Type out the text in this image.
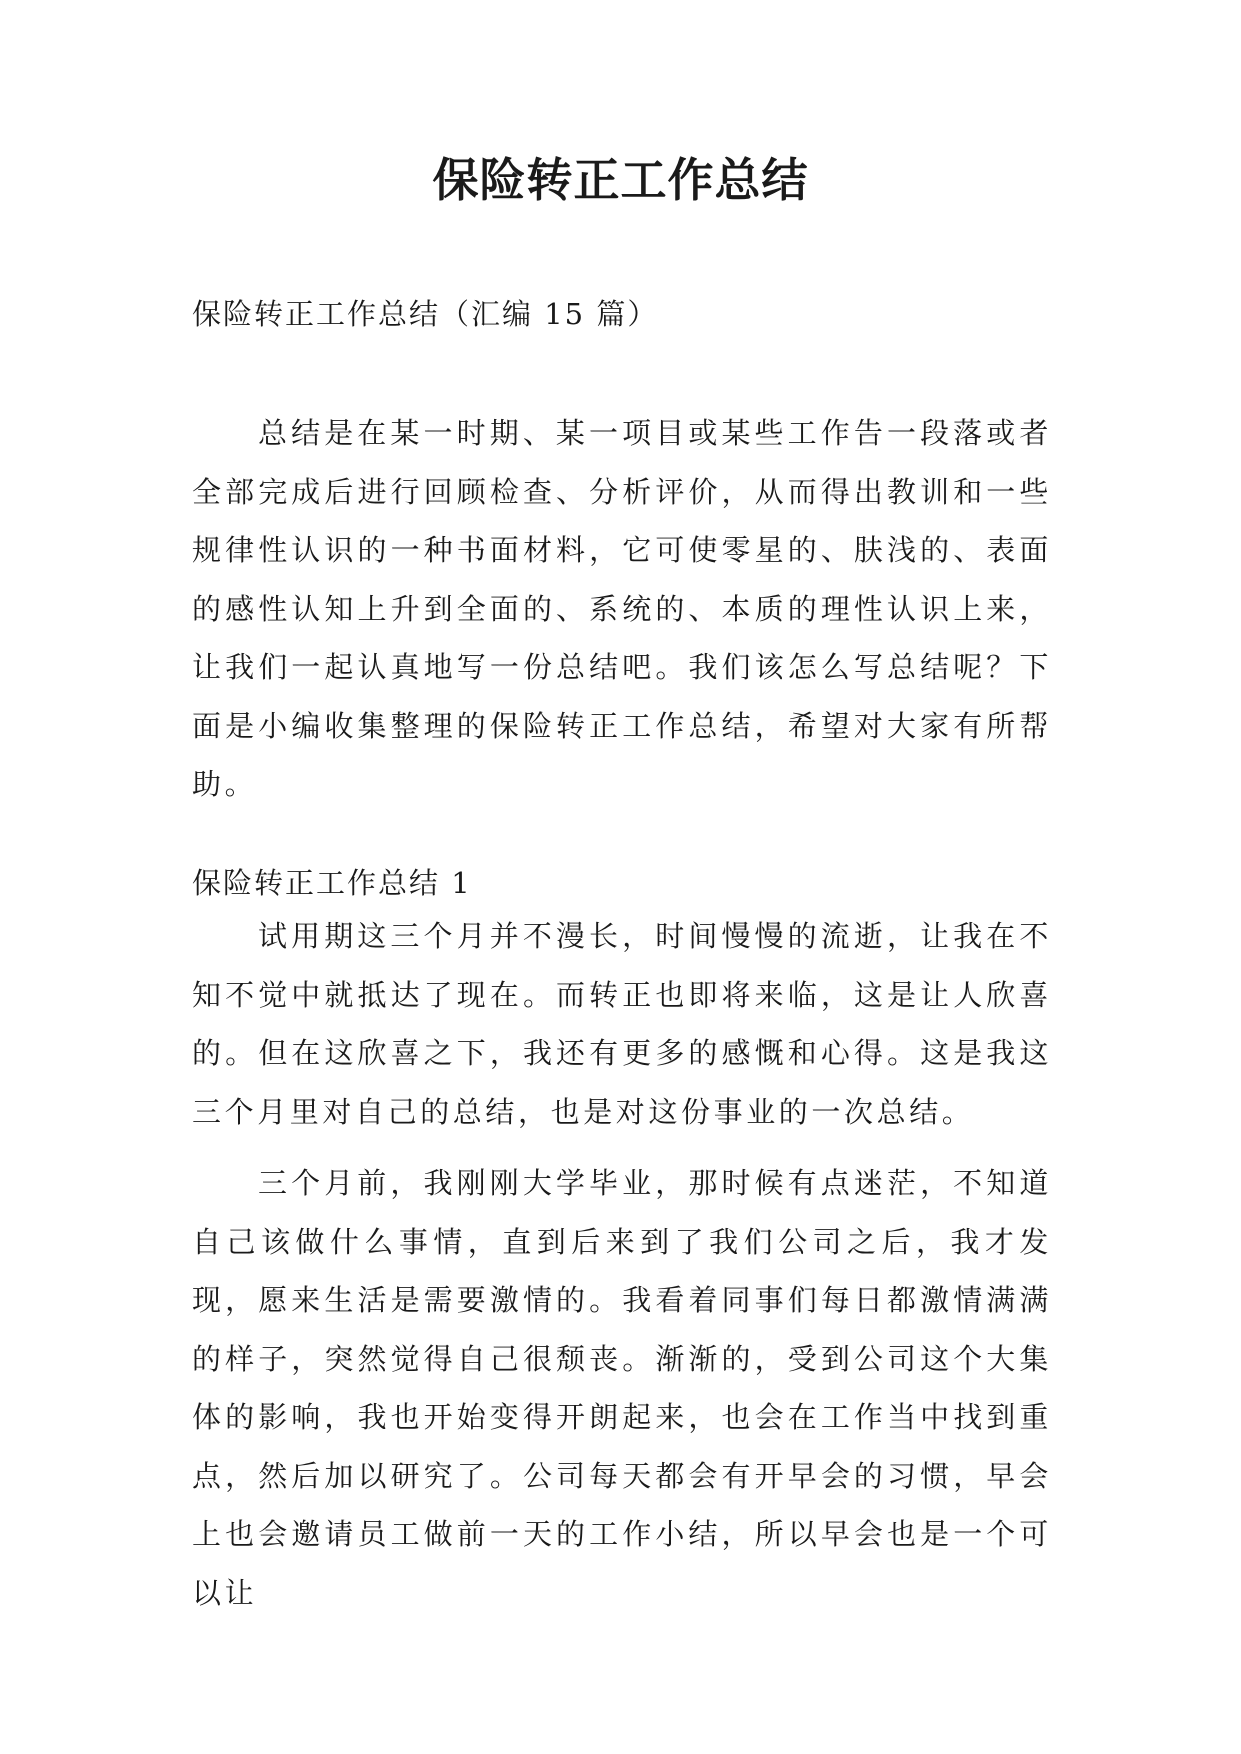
保险转正工作总结

保险转正工作总结（汇编 15 篇）

总结是在某一时期、某一项目或某些工作告一段落或者全部完成后进行回顾检查、分析评价，从而得出教训和一些规律性认识的一种书面材料，它可使零星的、肤浅的、表面的感性认知上升到全面的、系统的、本质的理性认识上来，让我们一起认真地写一份总结吧。我们该怎么写总结呢？下面是小编收集整理的保险转正工作总结，希望对大家有所帮助。

保险转正工作总结 1

试用期这三个月并不漫长，时间慢慢的流逝，让我在不知不觉中就抵达了现在。而转正也即将来临，这是让人欣喜的。但在这欣喜之下，我还有更多的感慨和心得。这是我这三个月里对自己的总结，也是对这份事业的一次总结。

三个月前，我刚刚大学毕业，那时候有点迷茫，不知道自己该做什么事情，直到后来到了我们公司之后，我才发现，愿来生活是需要激情的。我看着同事们每日都激情满满的样子，突然觉得自己很颓丧。渐渐的，受到公司这个大集体的影响，我也开始变得开朗起来，也会在工作当中找到重点，然后加以研究了。公司每天都会有开早会的习惯，早会上也会邀请员工做前一天的工作小结，所以早会也是一个可以让
